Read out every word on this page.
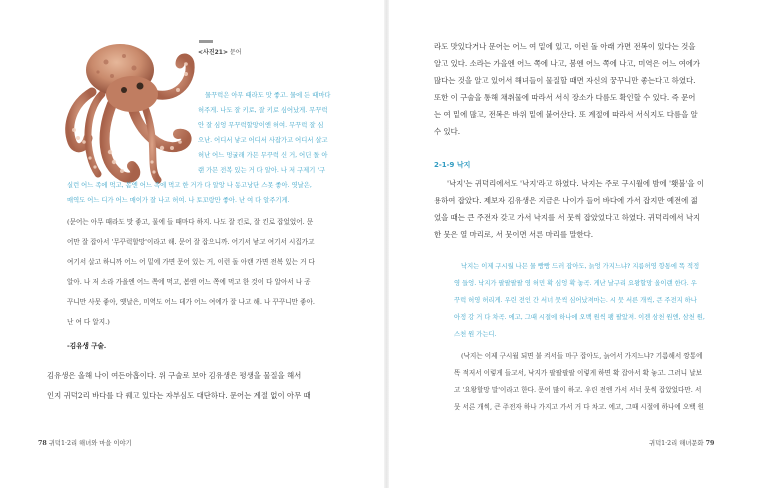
<사진21> 문어
물꾸럭은 아무 때라도 맛 좋고. 물에 든 때마다
허주게. 나도 잘 키로, 잘 키로 심어났게. 무꾸럭
안 잘 심엉 무꾸럭할망이엔 허여. 무꾸럭 잘 심
으난. 어디서 낳고 어디서 사잡가고 어디서 살고
허난 어느 멍굴래 가믄 무꾸럭 신 거, 어딘 돌 아
랜 가믄 전복 있는 거 다 알아. 나 저 구제기 '구
실런 어느 족에 먹고, 봄엔 어느 족에 먹고 한 거가 다 알앙 나 동고낭단 스못 좋아. 엿날은,
매역도 어느 디가 어느 매이가 잘 나고 허여. 나 토꼬랑만 좋아. 난 여 다 알주기게.
(문어는 아무 때라도 맛 좋고, 물에 들 때마다 하지. 나도 잘 킨로, 잘 킨로 잡었었어. 문
어만 잘 잡아서 '무꾸럭할망'이라고 해. 문어 잘 잡으니까. 어기서 낳고 여기서 시집가고
여기서 살고 하니까 어느 어 밑에 가면 문어 있는 거, 이런 돌 아랜 가면 전복 있는 거 다
알아. 나 저 소라 가을엔 어느 쪽에 먹고, 봄엔 어느 쪽에 먹고 한 것이 다 알아서 나 공
꾸니만 사못 좋아, 옛날은, 미역도 어느 데가 어느 여에가 잘 나고 해. 나 꾸꾸니만 좋아.
난 여 다 알지.)
-김유생 구술.
김유생은 올해 나이 여든아홉이다. 위 구술로 보아 김유생은 평생을 물질을 해서
인지 귀덕2리 바다를 다 꿰고 있다는 자부심도 대단하다. 문어는 계절 없이 아무 때
78 귀덕1·2리 해녀와 마을 이야기
라도 맛있다거나 문어는 어느 여 밑에 있고, 이런 돌 아래 가면 전복이 있다는 것을
알고 있다. 소라는 가을엔 어느 쪽에 나고, 봄엔 어느 쪽에 나고, 미역은 어느 여에가
많다는 것을 알고 있어서 해녀들이 물질할 때면 자신의 꿍꾸니만 좋는다고 하였다.
또한 이 구술을 통해 채취물에 따라서 서식 장소가 다름도 확인할 수 있다. 즉 문어
는 여 밑에 많고, 전복은 바위 밑에 붙어산다. 또 계절에 따라서 서식지도 다름을 알
수 있다.
2-1-9 낙지
'낙지'는 귀덕리에서도 '낙지'라고 하였다. 낙지는 주로 구시월에 밤에 '횃불'을 이
용하여 잡았다. 제보자 김유생은 지금은 나이가 들어 바다에 가서 잡지만 예전에 젊
었을 때는 큰 주전자 갖고 가서 낙지를 서 뭇씩 잡았었다고 하였다. 귀덕리에서 낙지
한 뭇은 열 마리로, 서 뭇이면 서른 마리를 말한다.
낙지는 이제 구시월 나믄 물 빵빵 드러 잡아도, 늙엉 가지느냐? 지름허영 깡통에 똑 적정
영 들엉. 낙지가 팔팔팔팔 영 허민 확 심엉 확 놓곡. 게난 날구리 요왕할망 올이랜 한다. 우
꾸럭 허영 허리게. 우린 전인 간 서너 뭇씩 심어났져마는. 시 뭇 서른 개씩, 큰 주전지 하나
아정 강 거 다 차곡. 에고, 그때 시절에 하나에 오백 원씩 팽 팔았져. 이젠 삼천 원엔, 삼천 원,
스천 원 가는디.
(낙지는 이제 구시월 되면 불 켜서들 마구 잡아도, 늙어서 가지느냐? 기름해서 깡통에
똑 적저서 이렇게 들고서, 낙지가 팔팔팔팔 이렇게 하면 확 잡아서 확 놓고. 그러니 날보
고 '요왕할망 말'이라고 한다. 문어 많이 하고. 우린 전엔 가서 서너 뭇씩 잡았었다만. 서
뭇 서른 개씩, 큰 주전자 하나 가지고 가서 거 다 차고. 에고, 그때 시절에 하나에 오백 원
귀덕1·2리 해녀문화 79
